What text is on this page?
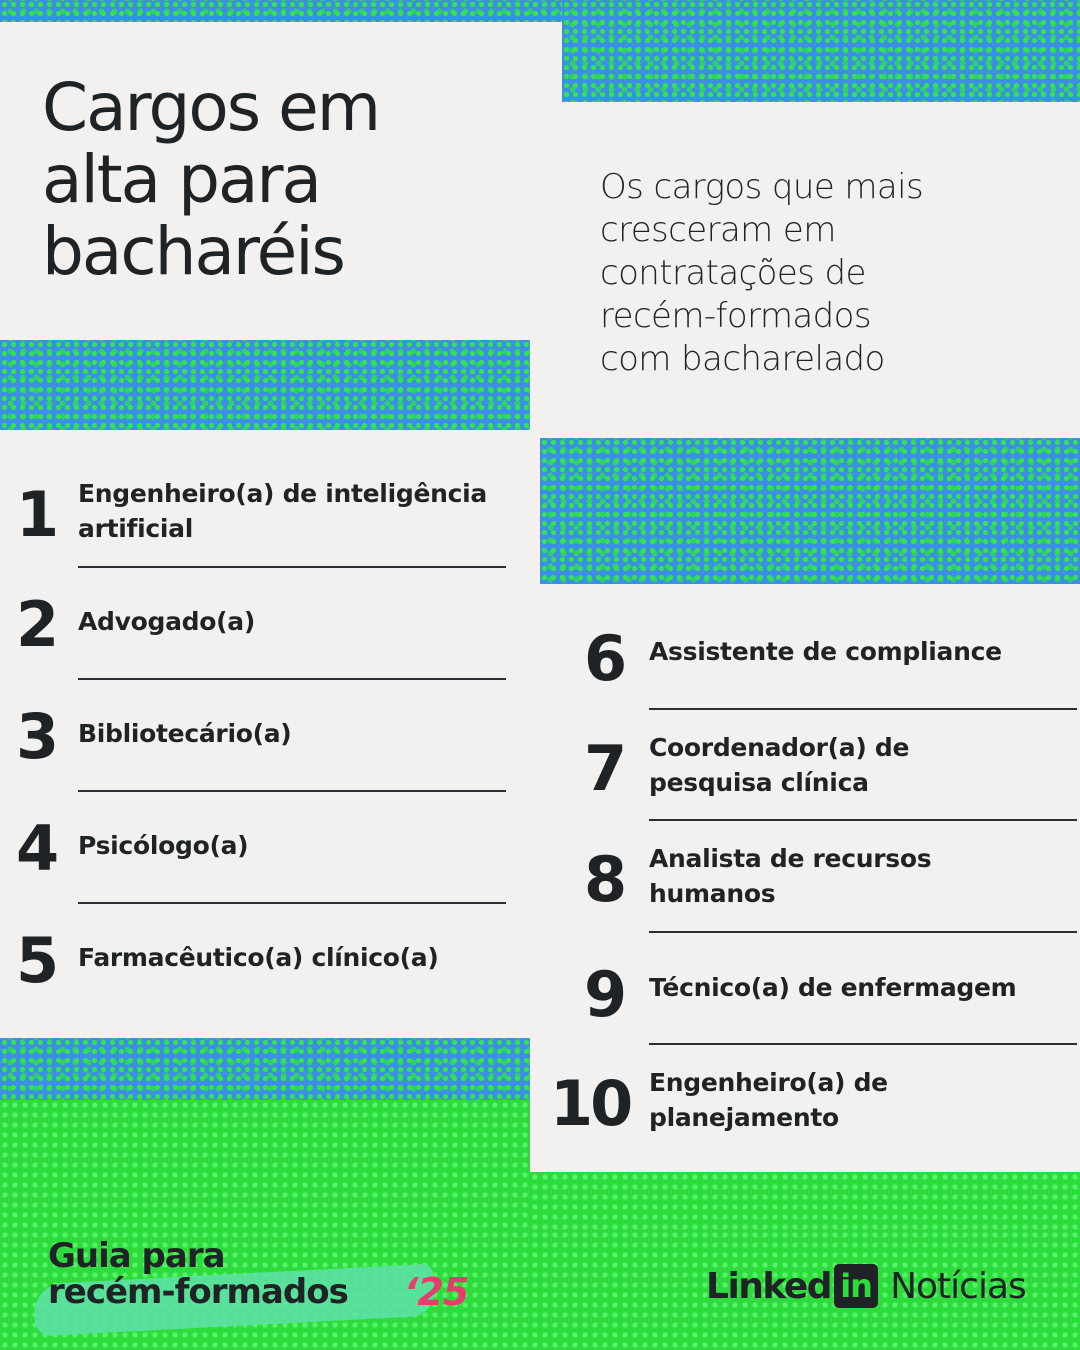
Cargos em
alta para
bacharéis

Os cargos que mais
cresceram em
contratações de
recém-formados
com bacharelado

1 Engenheiro(a) de inteligência
artificial
2 Advogado(a)
3 Bibliotecário(a)
4 Psicólogo(a)
5 Farmacêutico(a) clínico(a)
6 Assistente de compliance
7 Coordenador(a) de
pesquisa clínica
8 Analista de recursos
humanos
9 Técnico(a) de enfermagem
10 Engenheiro(a) de
planejamento
Guia para
recém-formados ‘25	Linked in Notícias
